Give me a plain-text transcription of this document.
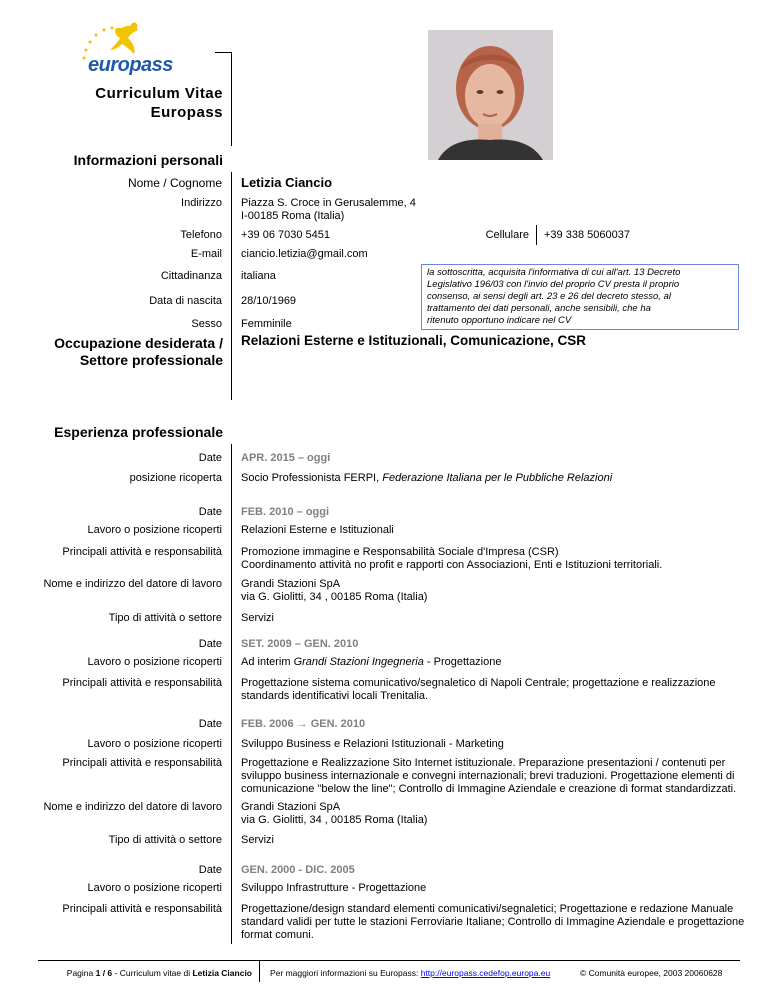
europass
Curriculum Vitae
Europass
Informazioni personali
Nome / Cognome Letizia Ciancio
Indirizzo Piazza S. Croce in Gerusalemme, 4
I-00185 Roma (Italia)
Telefono +39 06 7030 5451	Cellulare +39 338 5060037
E-mail ciancio.letizia@gmail.com
Cittadinanza italiana
Data di nascita 28/10/1969
Sesso Femminile
la sottoscritta, acquisita l'informativa di cui all'art. 13 Decreto
Legislativo 196/03 con l'invio del proprio CV presta il proprio
consenso, ai sensi degli art. 23 e 26 del decreto stesso, al
trattamento dei dati personali, anche sensibili, che ha
ritenuto opportuno indicare nel CV
Occupazione desiderata /
Settore professionale
Relazioni Esterne e Istituzionali, Comunicazione, CSR
Esperienza professionale
Date APR. 2015 – oggi
posizione ricoperta Socio Professionista FERPI, Federazione Italiana per le Pubbliche Relazioni
Date FEB. 2010 – oggi
Lavoro o posizione ricoperti Relazioni Esterne e Istituzionali
Principali attività e responsabilità Promozione immagine e Responsabilità Sociale d'Impresa (CSR)
Coordinamento attività no profit e rapporti con Associazioni, Enti e Istituzioni territoriali.
Nome e indirizzo del datore di lavoro Grandi Stazioni SpA
via G. Giolitti, 34 , 00185 Roma (Italia)
Tipo di attività o settore Servizi
Date SET. 2009 – GEN. 2010
Lavoro o posizione ricoperti Ad interim Grandi Stazioni Ingegneria - Progettazione
Principali attività e responsabilità Progettazione sistema comunicativo/segnaletico di Napoli Centrale; progettazione e realizzazione
standards identificativi locali Trenitalia.
Date FEB. 2006 → GEN. 2010
Lavoro o posizione ricoperti Sviluppo Business e Relazioni Istituzionali - Marketing
Principali attività e responsabilità Progettazione e Realizzazione Sito Internet istituzionale. Preparazione presentazioni / contenuti per
sviluppo business internazionale e convegni internazionali; brevi traduzioni. Progettazione elementi di
comunicazione "below the line"; Controllo di Immagine Aziendale e creazione di format standardizzati.
Nome e indirizzo del datore di lavoro Grandi Stazioni SpA
via G. Giolitti, 34 , 00185 Roma (Italia)
Tipo di attività o settore Servizi
Date GEN. 2000 - DIC. 2005
Lavoro o posizione ricoperti Sviluppo Infrastrutture - Progettazione
Principali attività e responsabilità Progettazione/design standard elementi comunicativi/segnaletici; Progettazione e redazione Manuale
standard validi per tutte le stazioni Ferroviarie Italiane; Controllo di Immagine Aziendale e progettazione
format comuni.
Pagina 1 / 6 - Curriculum vitae di Letizia Ciancio Per maggiori informazioni su Europass: http://europass.cedefop.europa.eu	© Comunità europee, 2003 20060628
